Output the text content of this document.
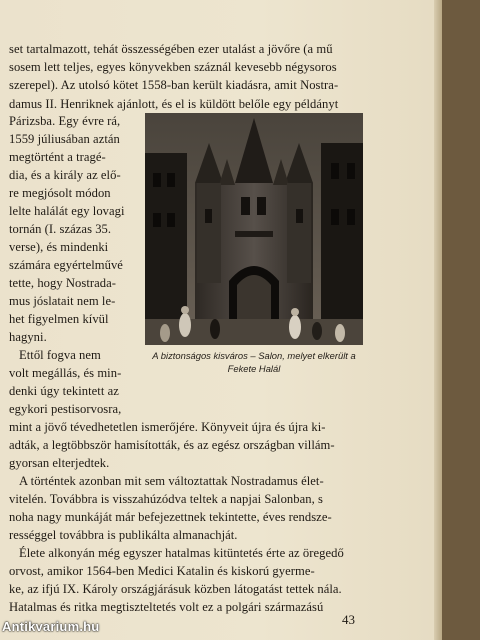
set tartalmazott, tehát összességében ezer utalást a jövőre (a mű
sosem lett teljes, egyes könyvekben száznál kevesebb négysoros
szerepel). Az utolsó kötet 1558-ban került kiadásra, amit Nostra-
damus II. Henriknek ajánlott, és el is küldött belőle egy példányt
Párizsba. Egy évre rá,
1559 júliusában aztán
megtörtént a tragé-
dia, és a király az elő-
re megjósolt módon
lelte halálát egy lovagi
tornán (I. százas 35.
verse), és mindenki
számára egyértelművé
tette, hogy Nostrada-
mus jóslatait nem le-
het figyelmen kívül
hagyni.
Ettől fogva nem
volt megállás, és min-
denki úgy tekintett az
egykori pestisorvosra,
mint a jövő tévedhetetlen ismerőjére. Könyveit újra és újra ki-
adták, a legtöbbször hamisították, és az egész országban villám-
gyorsan elterjedtek.
A történtek azonban mit sem változtattak Nostradamus élet-
vitelén. Továbbra is visszahúzódva teltek a napjai Salonban, s
noha nagy munkáját már befejezettnek tekintette, éves rendsze-
rességgel továbbra is publikálta almanachját.
Élete alkonyán még egyszer hatalmas kitüntetés érte az öregedő
orvost, amikor 1564-ben Medici Katalin és kiskorú gyerme-
ke, az ifjú IX. Károly országjárásuk közben látogatást tettek nála.
Hatalmas és ritka megtiszteltetés volt ez a polgári származású
A biztonságos kisváros – Salon, melyet elkerült a
Fekete Halál
43
Antikvarium.hu
